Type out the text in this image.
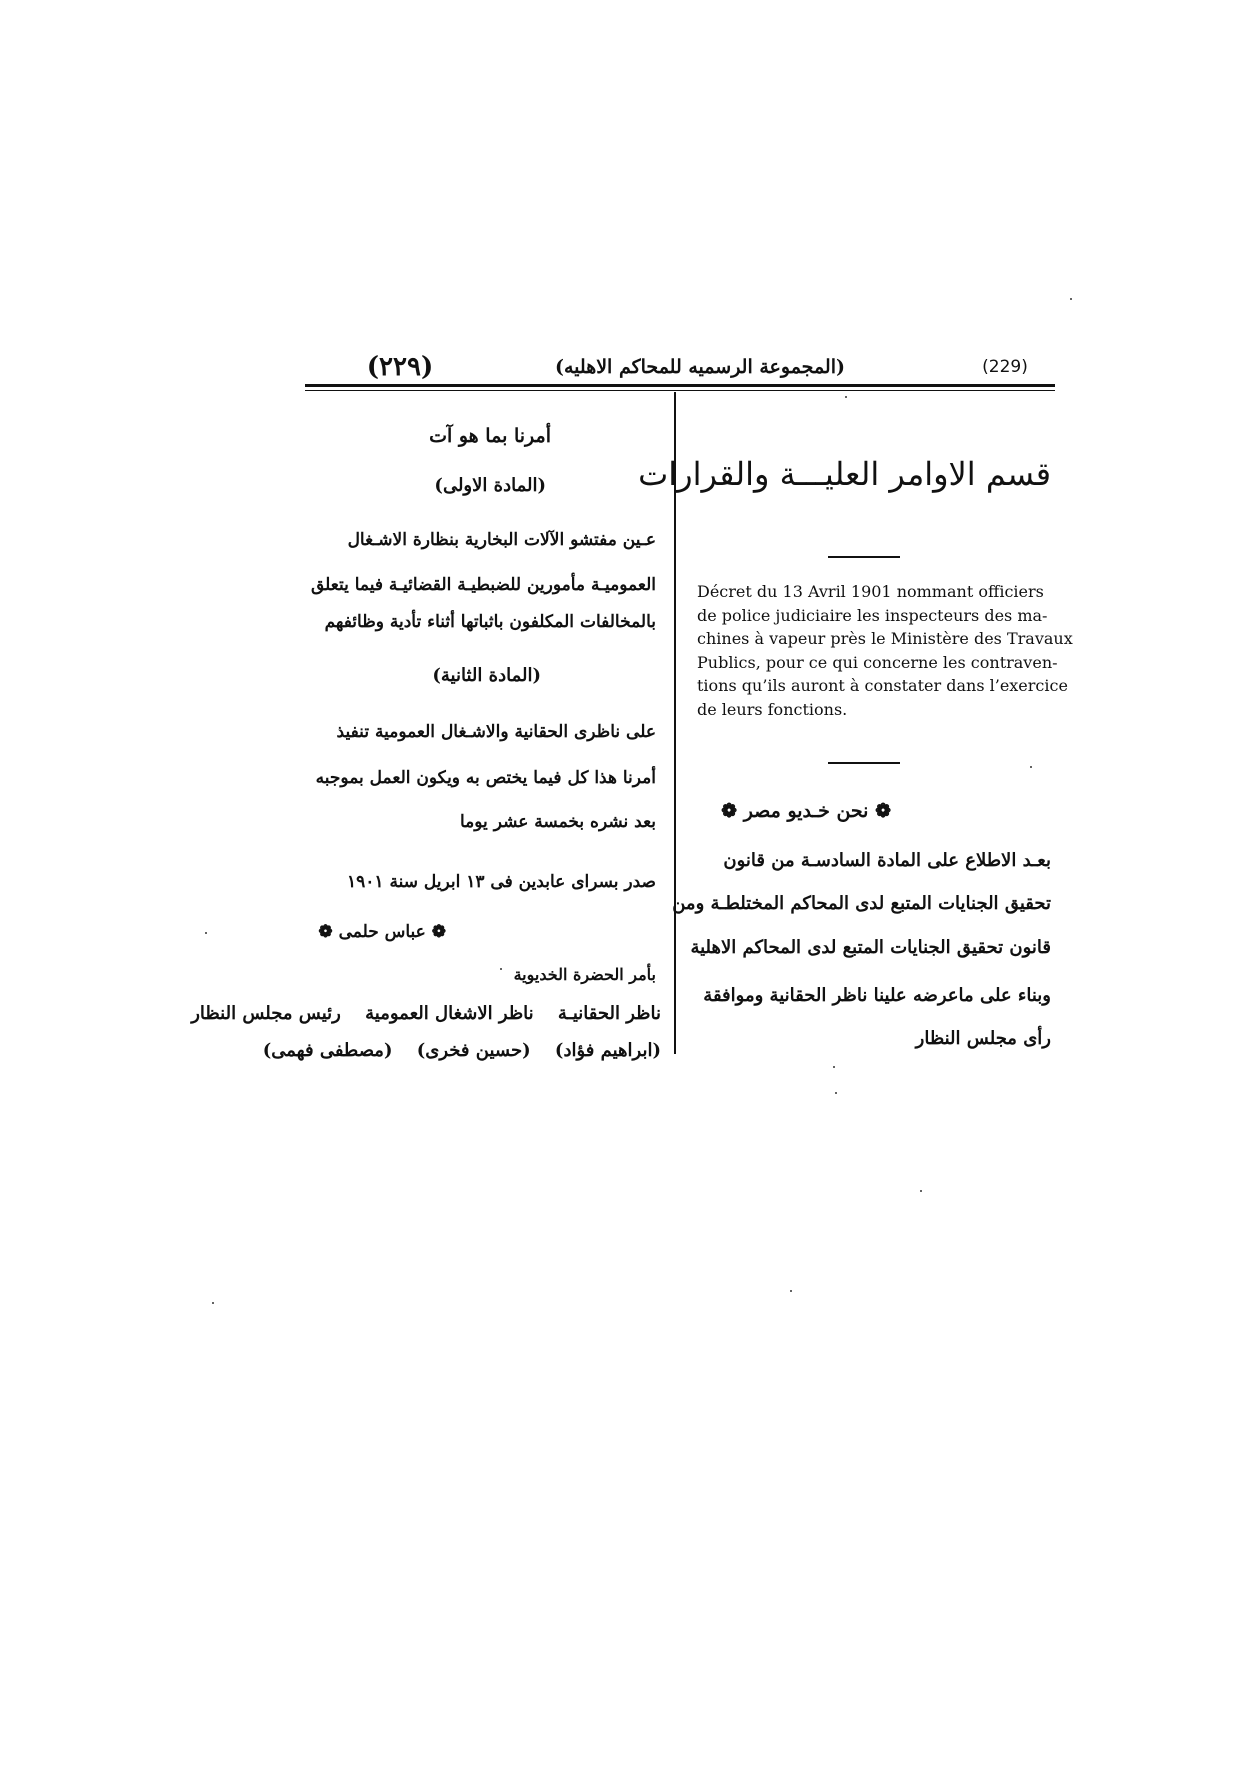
(٢٢٩)	(المجموعة الرسميه للمحاكم الاهليه)	(229)
قسم الاوامر العليـــة والقرارات
Décret du 13 Avril 1901 nommant officiers
de police judiciaire les inspecteurs des ma-
chines à vapeur près le Ministère des Travaux
Publics, pour ce qui concerne les contraven-
tions qu’ils auront à constater dans l’exercice
de leurs fonctions.
❁ نحن خـديو مصر ❁
بعـد الاطلاع على المادة السادسـة من قانون
تحقيق الجنايات المتبع لدى المحاكم المختلطـة ومن
قانون تحقيق الجنايات المتبع لدى المحاكم الاهلية
وبناء على ماعرضه علينا ناظر الحقانية وموافقة
رأى مجلس النظار
أمرنا بما هو آت
(المادة الاولى)
عـين مفتشو الآلات البخارية بنظارة الاشـغال
العموميـة مأمورين للضبطيـة القضائيـة فيما يتعلق
بالمخالفات المكلفون باثباتها أثناء تأدية وظائفهم
(المادة الثانية)
على ناظرى الحقانية والاشـغال العمومية تنفيذ
أمرنا هذا كل فيما يختص به ويكون العمل بموجبه
بعد نشره بخمسة عشر يوما
صدر بسراى عابدين فى ١٣ ابريل سنة ١٩٠١
❁ عباس حلمى ❁
بأمر الحضرة الخديوية
ناظر الحقانيـة ناظر الاشغال العمومية رئيس مجلس النظار
(ابراهيم فؤاد) (حسين فخرى) (مصطفى فهمى)
